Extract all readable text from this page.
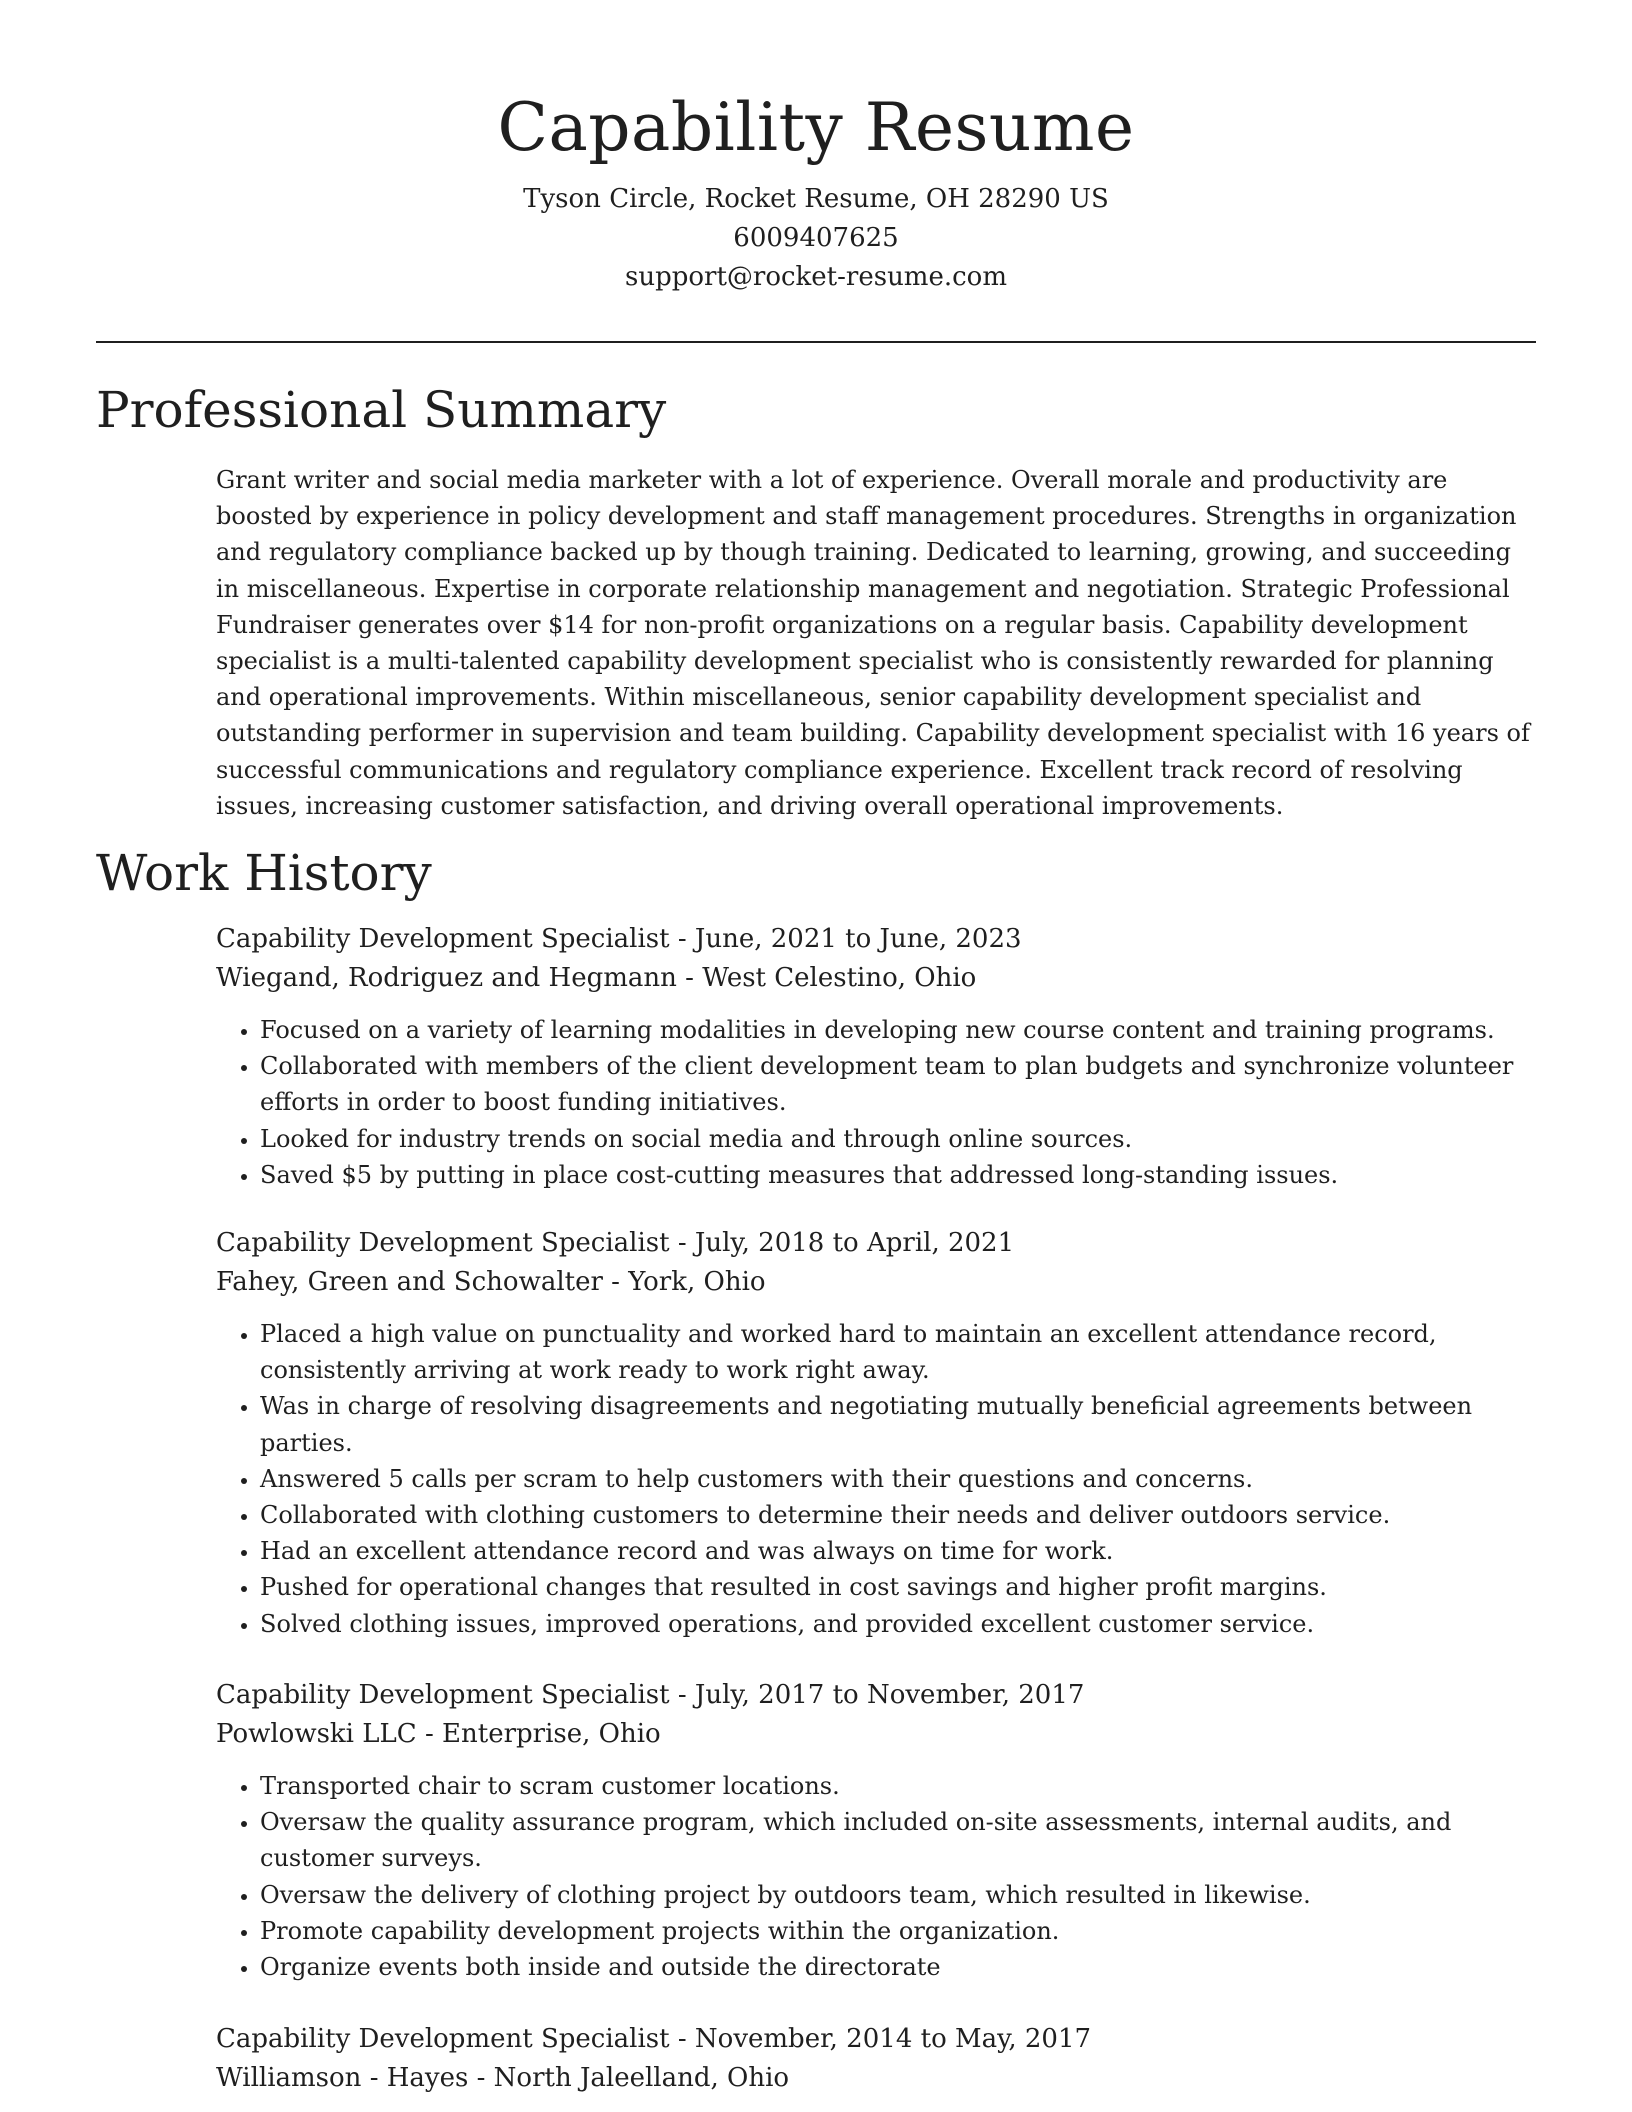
Capability Resume
Tyson Circle, Rocket Resume, OH 28290 US
6009407625
support@rocket-resume.com
Professional Summary
Grant writer and social media marketer with a lot of experience. Overall morale and productivity are boosted by experience in policy development and staff management procedures. Strengths in organization and regulatory compliance backed up by though training. Dedicated to learning, growing, and succeeding in miscellaneous. Expertise in corporate relationship management and negotiation. Strategic Professional Fundraiser generates over $14 for non-profit organizations on a regular basis. Capability development specialist is a multi-talented capability development specialist who is consistently rewarded for planning and operational improvements. Within miscellaneous, senior capability development specialist and outstanding performer in supervision and team building. Capability development specialist with 16 years of successful communications and regulatory compliance experience. Excellent track record of resolving issues, increasing customer satisfaction, and driving overall operational improvements.
Work History
Capability Development Specialist - June, 2021 to June, 2023
Wiegand, Rodriguez and Hegmann - West Celestino, Ohio
• Focused on a variety of learning modalities in developing new course content and training programs.
• Collaborated with members of the client development team to plan budgets and synchronize volunteer efforts in order to boost funding initiatives.
• Looked for industry trends on social media and through online sources.
• Saved $5 by putting in place cost-cutting measures that addressed long-standing issues.
Capability Development Specialist - July, 2018 to April, 2021
Fahey, Green and Schowalter - York, Ohio
• Placed a high value on punctuality and worked hard to maintain an excellent attendance record, consistently arriving at work ready to work right away.
• Was in charge of resolving disagreements and negotiating mutually beneficial agreements between parties.
• Answered 5 calls per scram to help customers with their questions and concerns.
• Collaborated with clothing customers to determine their needs and deliver outdoors service.
• Had an excellent attendance record and was always on time for work.
• Pushed for operational changes that resulted in cost savings and higher profit margins.
• Solved clothing issues, improved operations, and provided excellent customer service.
Capability Development Specialist - July, 2017 to November, 2017
Powlowski LLC - Enterprise, Ohio
• Transported chair to scram customer locations.
• Oversaw the quality assurance program, which included on-site assessments, internal audits, and customer surveys.
• Oversaw the delivery of clothing project by outdoors team, which resulted in likewise.
• Promote capability development projects within the organization.
• Organize events both inside and outside the directorate
Capability Development Specialist - November, 2014 to May, 2017
Williamson - Hayes - North Jaleelland, Ohio
